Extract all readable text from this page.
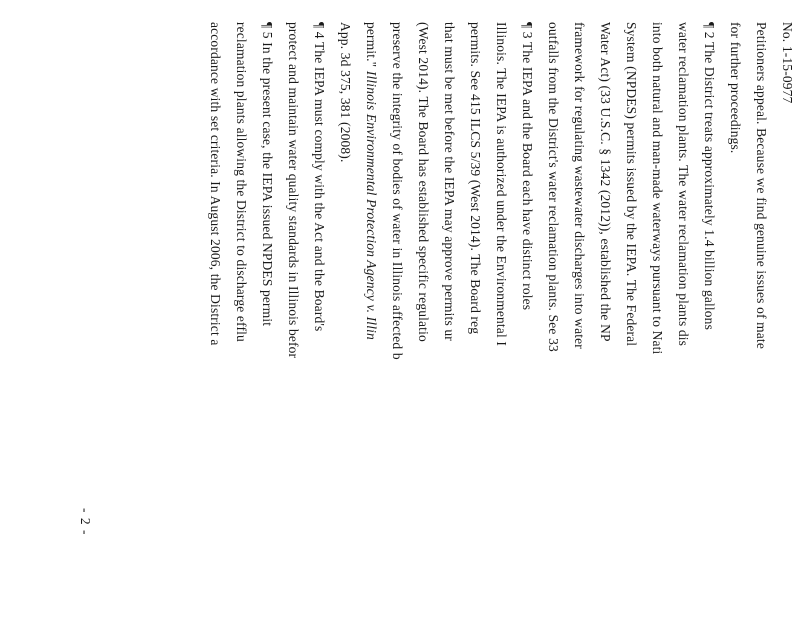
No. 1-15-0977
Petitioners appeal. Because we find genuine issues of mate
for further proceedings.
¶ 2 The District treats approximately 1.4 billion gallons
water reclamation plants. The water reclamation plants dis
into both natural and man-made waterways pursuant to Nati
System (NPDES) permits issued by the IEPA. The Federal
Water Act) (33 U.S.C. § 1342 (2012)), established the NP
framework for regulating wastewater discharges into water
outfalls from the District's water reclamation plants. See 33
¶ 3 The IEPA and the Board each have distinct roles
Illinois. The IEPA is authorized under the Environmental I
permits. See 415 ILCS 5/39 (West 2014). The Board reg
that must be met before the IEPA may approve permits ur
(West 2014). The Board has established specific regulatio
preserve the integrity of bodies of water in Illinois affected b
permit." Illinois Environmental Protection Agency v. Illin
App. 3d 375, 381 (2008).
¶ 4 The IEPA must comply with the Act and the Board's
protect and maintain water quality standards in Illinois befor
¶ 5 In the present case, the IEPA issued NPDES permit
reclamation plants allowing the District to discharge efflu
accordance with set criteria. In August 2006, the District a
- 2 -
